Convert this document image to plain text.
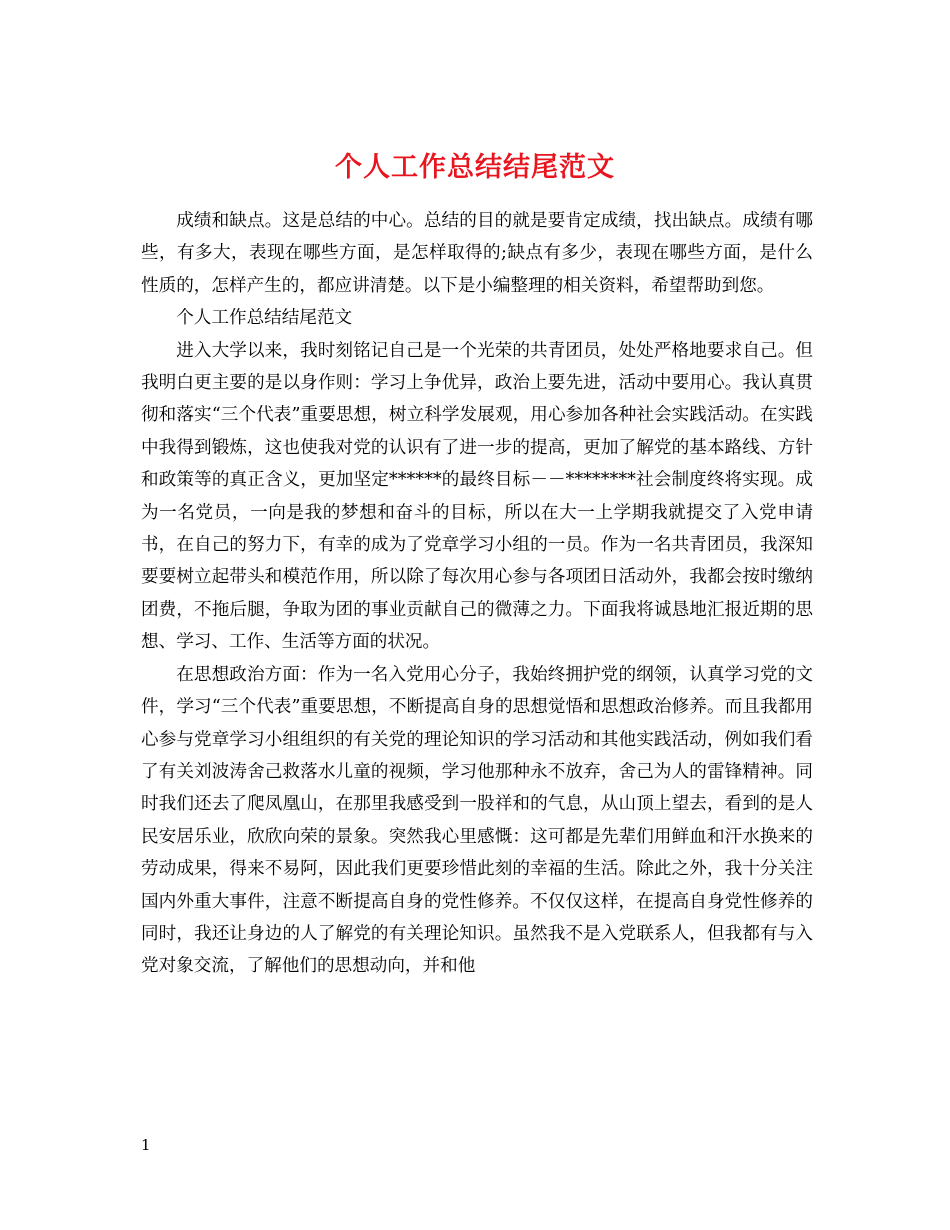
个人工作总结结尾范文

成绩和缺点。这是总结的中心。总结的目的就是要肯定成绩，找出缺点。成绩有哪些，有多大，表现在哪些方面，是怎样取得的;缺点有多少，表现在哪些方面，是什么性质的，怎样产生的，都应讲清楚。以下是小编整理的相关资料，希望帮助到您。

个人工作总结结尾范文

进入大学以来，我时刻铭记自己是一个光荣的共青团员，处处严格地要求自己。但我明白更主要的是以身作则：学习上争优异，政治上要先进，活动中要用心。我认真贯彻和落实“三个代表”重要思想，树立科学发展观，用心参加各种社会实践活动。在实践中我得到锻炼，这也使我对党的认识有了进一步的提高，更加了解党的基本路线、方针和政策等的真正含义，更加坚定******的最终目标－－********社会制度终将实现。成为一名党员，一向是我的梦想和奋斗的目标，所以在大一上学期我就提交了入党申请书，在自己的努力下，有幸的成为了党章学习小组的一员。作为一名共青团员，我深知要要树立起带头和模范作用，所以除了每次用心参与各项团日活动外，我都会按时缴纳团费，不拖后腿，争取为团的事业贡献自己的微薄之力。下面我将诚恳地汇报近期的思想、学习、工作、生活等方面的状况。

在思想政治方面：作为一名入党用心分子，我始终拥护党的纲领，认真学习党的文件，学习“三个代表”重要思想，不断提高自身的思想觉悟和思想政治修养。而且我都用心参与党章学习小组组织的有关党的理论知识的学习活动和其他实践活动，例如我们看了有关刘波涛舍己救落水儿童的视频，学习他那种永不放弃，舍己为人的雷锋精神。同时我们还去了爬凤凰山，在那里我感受到一股祥和的气息，从山顶上望去，看到的是人民安居乐业，欣欣向荣的景象。突然我心里感慨：这可都是先辈们用鲜血和汗水换来的劳动成果，得来不易阿，因此我们更要珍惜此刻的幸福的生活。除此之外，我十分关注国内外重大事件，注意不断提高自身的党性修养。不仅仅这样，在提高自身党性修养的同时，我还让身边的人了解党的有关理论知识。虽然我不是入党联系人，但我都有与入党对象交流，了解他们的思想动向，并和他

1
